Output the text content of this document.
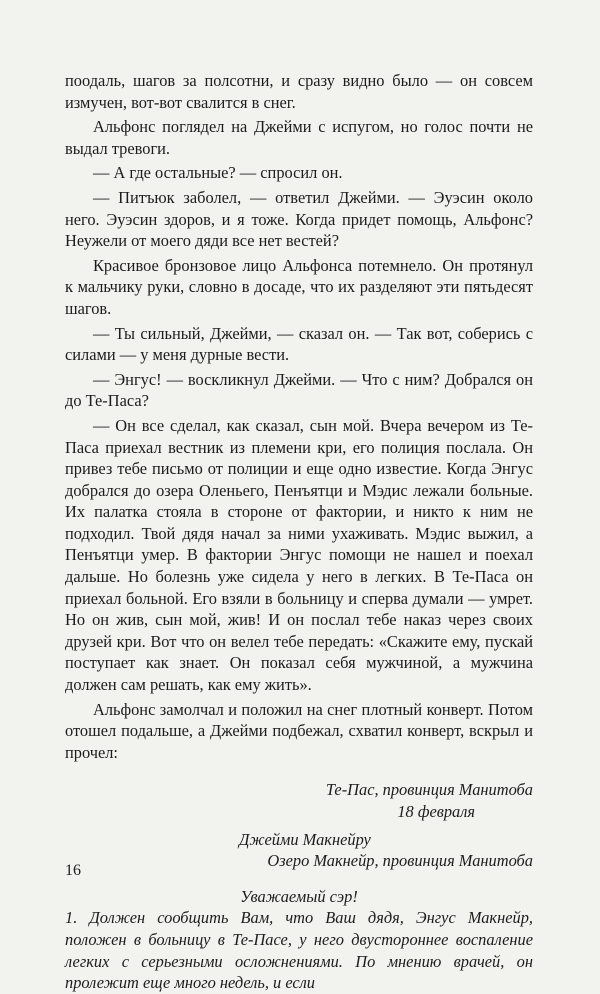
поодаль, шагов за полсотни, и сразу видно было — он совсем измучен, вот-вот свалится в снег.

Альфонс поглядел на Джейми с испугом, но голос почти не выдал тревоги.

— А где остальные? — спросил он.

— Питъюк заболел, — ответил Джейми. — Эуэсин около него. Эуэсин здоров, и я тоже. Когда придет помощь, Альфонс? Неужели от моего дяди все нет вестей?

Красивое бронзовое лицо Альфонса потемнело. Он протянул к мальчику руки, словно в досаде, что их разделяют эти пятьдесят шагов.

— Ты сильный, Джейми, — сказал он. — Так вот, соберись с силами — у меня дурные вести.

— Энгус! — воскликнул Джейми. — Что с ним? Добрался он до Те-Паса?

— Он все сделал, как сказал, сын мой. Вчера вечером из Те-Паса приехал вестник из племени кри, его полиция послала. Он привез тебе письмо от полиции и еще одно известие. Когда Энгус добрался до озера Оленьего, Пенъятци и Мэдис лежали больные. Их палатка стояла в стороне от фактории, и никто к ним не подходил. Твой дядя начал за ними ухаживать. Мэдис выжил, а Пенъятци умер. В фактории Энгус помощи не нашел и поехал дальше. Но болезнь уже сидела у него в легких. В Те-Паса он приехал больной. Его взяли в больницу и сперва думали — умрет. Но он жив, сын мой, жив! И он послал тебе наказ через своих друзей кри. Вот что он велел тебе передать: «Скажите ему, пускай поступает как знает. Он показал себя мужчиной, а мужчина должен сам решать, как ему жить».

Альфонс замолчал и положил на снег плотный конверт. Потом отошел подальше, а Джейми подбежал, схватил конверт, вскрыл и прочел:

Те-Пас, провинция Манитоба
18 февраля
Джейми Макнейру
Озеро Макнейр, провинция Манитоба
Уважаемый сэр!

1. Должен сообщить Вам, что Ваш дядя, Энгус Макнейр, положен в больницу в Те-Пасе, у него двустороннее воспаление легких с серьезными осложнениями. По мнению врачей, он пролежит еще много недель, и если

16
